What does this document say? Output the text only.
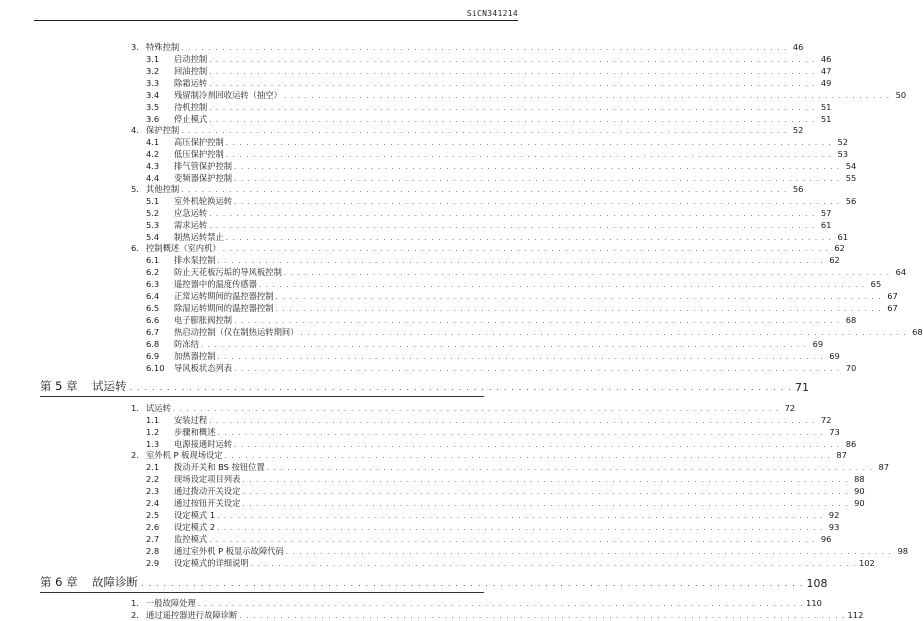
SiCN341214
3. 特殊控制 . . . . . . . . . . . . . . . . . . . . . . . . . . . . . . . . . . . . . . . . . . . . . . . . . . . . . . . . . . . . . . . . . . . . . . . . . . . . . . . . . . . . . . . . . 46
3.1	启动控制 . . . . . . . . . . . . . . . . . . . . . . . . . . . . . . . . . . . . . . . . . . . . . . . . . . . . . . . . . . . . . . . . . . . . . . . . . . . . . . . . . . . . . . . . . 46
3.2	回油控制 . . . . . . . . . . . . . . . . . . . . . . . . . . . . . . . . . . . . . . . . . . . . . . . . . . . . . . . . . . . . . . . . . . . . . . . . . . . . . . . . . . . . . . . . . 47
3.3	除霜运转 . . . . . . . . . . . . . . . . . . . . . . . . . . . . . . . . . . . . . . . . . . . . . . . . . . . . . . . . . . . . . . . . . . . . . . . . . . . . . . . . . . . . . . . . . 49
3.4	残留制冷剂回收运转（抽空） . . . . . . . . . . . . . . . . . . . . . . . . . . . . . . . . . . . . . . . . . . . . . . . . . . . . . . . . . . . . . . . . . . . . . . . . . . . . . . . . . . . . . . . . . 50
3.5	待机控制 . . . . . . . . . . . . . . . . . . . . . . . . . . . . . . . . . . . . . . . . . . . . . . . . . . . . . . . . . . . . . . . . . . . . . . . . . . . . . . . . . . . . . . . . . 51
3.6	停止模式 . . . . . . . . . . . . . . . . . . . . . . . . . . . . . . . . . . . . . . . . . . . . . . . . . . . . . . . . . . . . . . . . . . . . . . . . . . . . . . . . . . . . . . . . . 51
4. 保护控制 . . . . . . . . . . . . . . . . . . . . . . . . . . . . . . . . . . . . . . . . . . . . . . . . . . . . . . . . . . . . . . . . . . . . . . . . . . . . . . . . . . . . . . . . . 52
4.1	高压保护控制 . . . . . . . . . . . . . . . . . . . . . . . . . . . . . . . . . . . . . . . . . . . . . . . . . . . . . . . . . . . . . . . . . . . . . . . . . . . . . . . . . . . . . . . . . 52
4.2	低压保护控制 . . . . . . . . . . . . . . . . . . . . . . . . . . . . . . . . . . . . . . . . . . . . . . . . . . . . . . . . . . . . . . . . . . . . . . . . . . . . . . . . . . . . . . . . . 53
4.3	排气管保护控制 . . . . . . . . . . . . . . . . . . . . . . . . . . . . . . . . . . . . . . . . . . . . . . . . . . . . . . . . . . . . . . . . . . . . . . . . . . . . . . . . . . . . . . . . . 54
4.4	变频器保护控制 . . . . . . . . . . . . . . . . . . . . . . . . . . . . . . . . . . . . . . . . . . . . . . . . . . . . . . . . . . . . . . . . . . . . . . . . . . . . . . . . . . . . . . . . . 55
5. 其他控制 . . . . . . . . . . . . . . . . . . . . . . . . . . . . . . . . . . . . . . . . . . . . . . . . . . . . . . . . . . . . . . . . . . . . . . . . . . . . . . . . . . . . . . . . . 56
5.1	室外机轮换运转 . . . . . . . . . . . . . . . . . . . . . . . . . . . . . . . . . . . . . . . . . . . . . . . . . . . . . . . . . . . . . . . . . . . . . . . . . . . . . . . . . . . . . . . . . 56
5.2	应急运转 . . . . . . . . . . . . . . . . . . . . . . . . . . . . . . . . . . . . . . . . . . . . . . . . . . . . . . . . . . . . . . . . . . . . . . . . . . . . . . . . . . . . . . . . . 57
5.3	需求运转 . . . . . . . . . . . . . . . . . . . . . . . . . . . . . . . . . . . . . . . . . . . . . . . . . . . . . . . . . . . . . . . . . . . . . . . . . . . . . . . . . . . . . . . . . 61
5.4	制热运转禁止 . . . . . . . . . . . . . . . . . . . . . . . . . . . . . . . . . . . . . . . . . . . . . . . . . . . . . . . . . . . . . . . . . . . . . . . . . . . . . . . . . . . . . . . . . 61
6. 控制概述（室内机） . . . . . . . . . . . . . . . . . . . . . . . . . . . . . . . . . . . . . . . . . . . . . . . . . . . . . . . . . . . . . . . . . . . . . . . . . . . . . . . . . . . . . . . . . 62
6.1	排水泵控制 . . . . . . . . . . . . . . . . . . . . . . . . . . . . . . . . . . . . . . . . . . . . . . . . . . . . . . . . . . . . . . . . . . . . . . . . . . . . . . . . . . . . . . . . . 62
6.2	防止天花板污垢的导风板控制 . . . . . . . . . . . . . . . . . . . . . . . . . . . . . . . . . . . . . . . . . . . . . . . . . . . . . . . . . . . . . . . . . . . . . . . . . . . . . . . . . . . . . . . . . 64
6.3	遥控器中的温度传感器 . . . . . . . . . . . . . . . . . . . . . . . . . . . . . . . . . . . . . . . . . . . . . . . . . . . . . . . . . . . . . . . . . . . . . . . . . . . . . . . . . . . . . . . . . 65
6.4	正常运转期间的温控器控制 . . . . . . . . . . . . . . . . . . . . . . . . . . . . . . . . . . . . . . . . . . . . . . . . . . . . . . . . . . . . . . . . . . . . . . . . . . . . . . . . . . . . . . . . . 67
6.5	除湿运转期间的温控器控制 . . . . . . . . . . . . . . . . . . . . . . . . . . . . . . . . . . . . . . . . . . . . . . . . . . . . . . . . . . . . . . . . . . . . . . . . . . . . . . . . . . . . . . . . . 67
6.6	电子膨胀阀控制 . . . . . . . . . . . . . . . . . . . . . . . . . . . . . . . . . . . . . . . . . . . . . . . . . . . . . . . . . . . . . . . . . . . . . . . . . . . . . . . . . . . . . . . . . 68
6.7	热启动控制（仅在制热运转期间） . . . . . . . . . . . . . . . . . . . . . . . . . . . . . . . . . . . . . . . . . . . . . . . . . . . . . . . . . . . . . . . . . . . . . . . . . . . . . . . . . . . . . . . . . 68
6.8	防冻结 . . . . . . . . . . . . . . . . . . . . . . . . . . . . . . . . . . . . . . . . . . . . . . . . . . . . . . . . . . . . . . . . . . . . . . . . . . . . . . . . . . . . . . . . . 69
6.9	加热器控制 . . . . . . . . . . . . . . . . . . . . . . . . . . . . . . . . . . . . . . . . . . . . . . . . . . . . . . . . . . . . . . . . . . . . . . . . . . . . . . . . . . . . . . . . . 69
6.10	导风板状态列表 . . . . . . . . . . . . . . . . . . . . . . . . . . . . . . . . . . . . . . . . . . . . . . . . . . . . . . . . . . . . . . . . . . . . . . . . . . . . . . . . . . . . . . . . . 70
第 5 章	试运转 . . . . . . . . . . . . . . . . . . . . . . . . . . . . . . . . . . . . . . . . . . . . . . . . . . . . . . . . . . . . . . . . . . . . . . . . . . . . . . . . . . . . . . . . . 71
1. 试运转 . . . . . . . . . . . . . . . . . . . . . . . . . . . . . . . . . . . . . . . . . . . . . . . . . . . . . . . . . . . . . . . . . . . . . . . . . . . . . . . . . . . . . . . . . 72
1.1	安装过程 . . . . . . . . . . . . . . . . . . . . . . . . . . . . . . . . . . . . . . . . . . . . . . . . . . . . . . . . . . . . . . . . . . . . . . . . . . . . . . . . . . . . . . . . . 72
1.2	步骤和概述 . . . . . . . . . . . . . . . . . . . . . . . . . . . . . . . . . . . . . . . . . . . . . . . . . . . . . . . . . . . . . . . . . . . . . . . . . . . . . . . . . . . . . . . . . 73
1.3	电源接通时运转 . . . . . . . . . . . . . . . . . . . . . . . . . . . . . . . . . . . . . . . . . . . . . . . . . . . . . . . . . . . . . . . . . . . . . . . . . . . . . . . . . . . . . . . . . 86
2. 室外机 P 板现场设定 . . . . . . . . . . . . . . . . . . . . . . . . . . . . . . . . . . . . . . . . . . . . . . . . . . . . . . . . . . . . . . . . . . . . . . . . . . . . . . . . . . . . . . . . . 87
2.1	拨动开关和 BS 按钮位置 . . . . . . . . . . . . . . . . . . . . . . . . . . . . . . . . . . . . . . . . . . . . . . . . . . . . . . . . . . . . . . . . . . . . . . . . . . . . . . . . . . . . . . . . . 87
2.2	现场设定项目列表 . . . . . . . . . . . . . . . . . . . . . . . . . . . . . . . . . . . . . . . . . . . . . . . . . . . . . . . . . . . . . . . . . . . . . . . . . . . . . . . . . . . . . . . . . 88
2.3	通过拨动开关设定 . . . . . . . . . . . . . . . . . . . . . . . . . . . . . . . . . . . . . . . . . . . . . . . . . . . . . . . . . . . . . . . . . . . . . . . . . . . . . . . . . . . . . . . . . 90
2.4	通过按钮开关设定 . . . . . . . . . . . . . . . . . . . . . . . . . . . . . . . . . . . . . . . . . . . . . . . . . . . . . . . . . . . . . . . . . . . . . . . . . . . . . . . . . . . . . . . . . 90
2.5	设定模式 1 . . . . . . . . . . . . . . . . . . . . . . . . . . . . . . . . . . . . . . . . . . . . . . . . . . . . . . . . . . . . . . . . . . . . . . . . . . . . . . . . . . . . . . . . . 92
2.6	设定模式 2 . . . . . . . . . . . . . . . . . . . . . . . . . . . . . . . . . . . . . . . . . . . . . . . . . . . . . . . . . . . . . . . . . . . . . . . . . . . . . . . . . . . . . . . . . 93
2.7	监控模式 . . . . . . . . . . . . . . . . . . . . . . . . . . . . . . . . . . . . . . . . . . . . . . . . . . . . . . . . . . . . . . . . . . . . . . . . . . . . . . . . . . . . . . . . . 96
2.8	通过室外机 P 板显示故障代码 . . . . . . . . . . . . . . . . . . . . . . . . . . . . . . . . . . . . . . . . . . . . . . . . . . . . . . . . . . . . . . . . . . . . . . . . . . . . . . . . . . . . . . . . . 98
2.9	设定模式的详细说明 . . . . . . . . . . . . . . . . . . . . . . . . . . . . . . . . . . . . . . . . . . . . . . . . . . . . . . . . . . . . . . . . . . . . . . . . . . . . . . . . . . . . . . . . . 102
第 6 章	故障诊断 . . . . . . . . . . . . . . . . . . . . . . . . . . . . . . . . . . . . . . . . . . . . . . . . . . . . . . . . . . . . . . . . . . . . . . . . . . . . . . . . . . . . . . . . . 108
1. 一般故障处理 . . . . . . . . . . . . . . . . . . . . . . . . . . . . . . . . . . . . . . . . . . . . . . . . . . . . . . . . . . . . . . . . . . . . . . . . . . . . . . . . . . . . . . . . . 110
2. 通过遥控器进行故障诊断 . . . . . . . . . . . . . . . . . . . . . . . . . . . . . . . . . . . . . . . . . . . . . . . . . . . . . . . . . . . . . . . . . . . . . . . . . . . . . . . . . . . . . . . . . 112
